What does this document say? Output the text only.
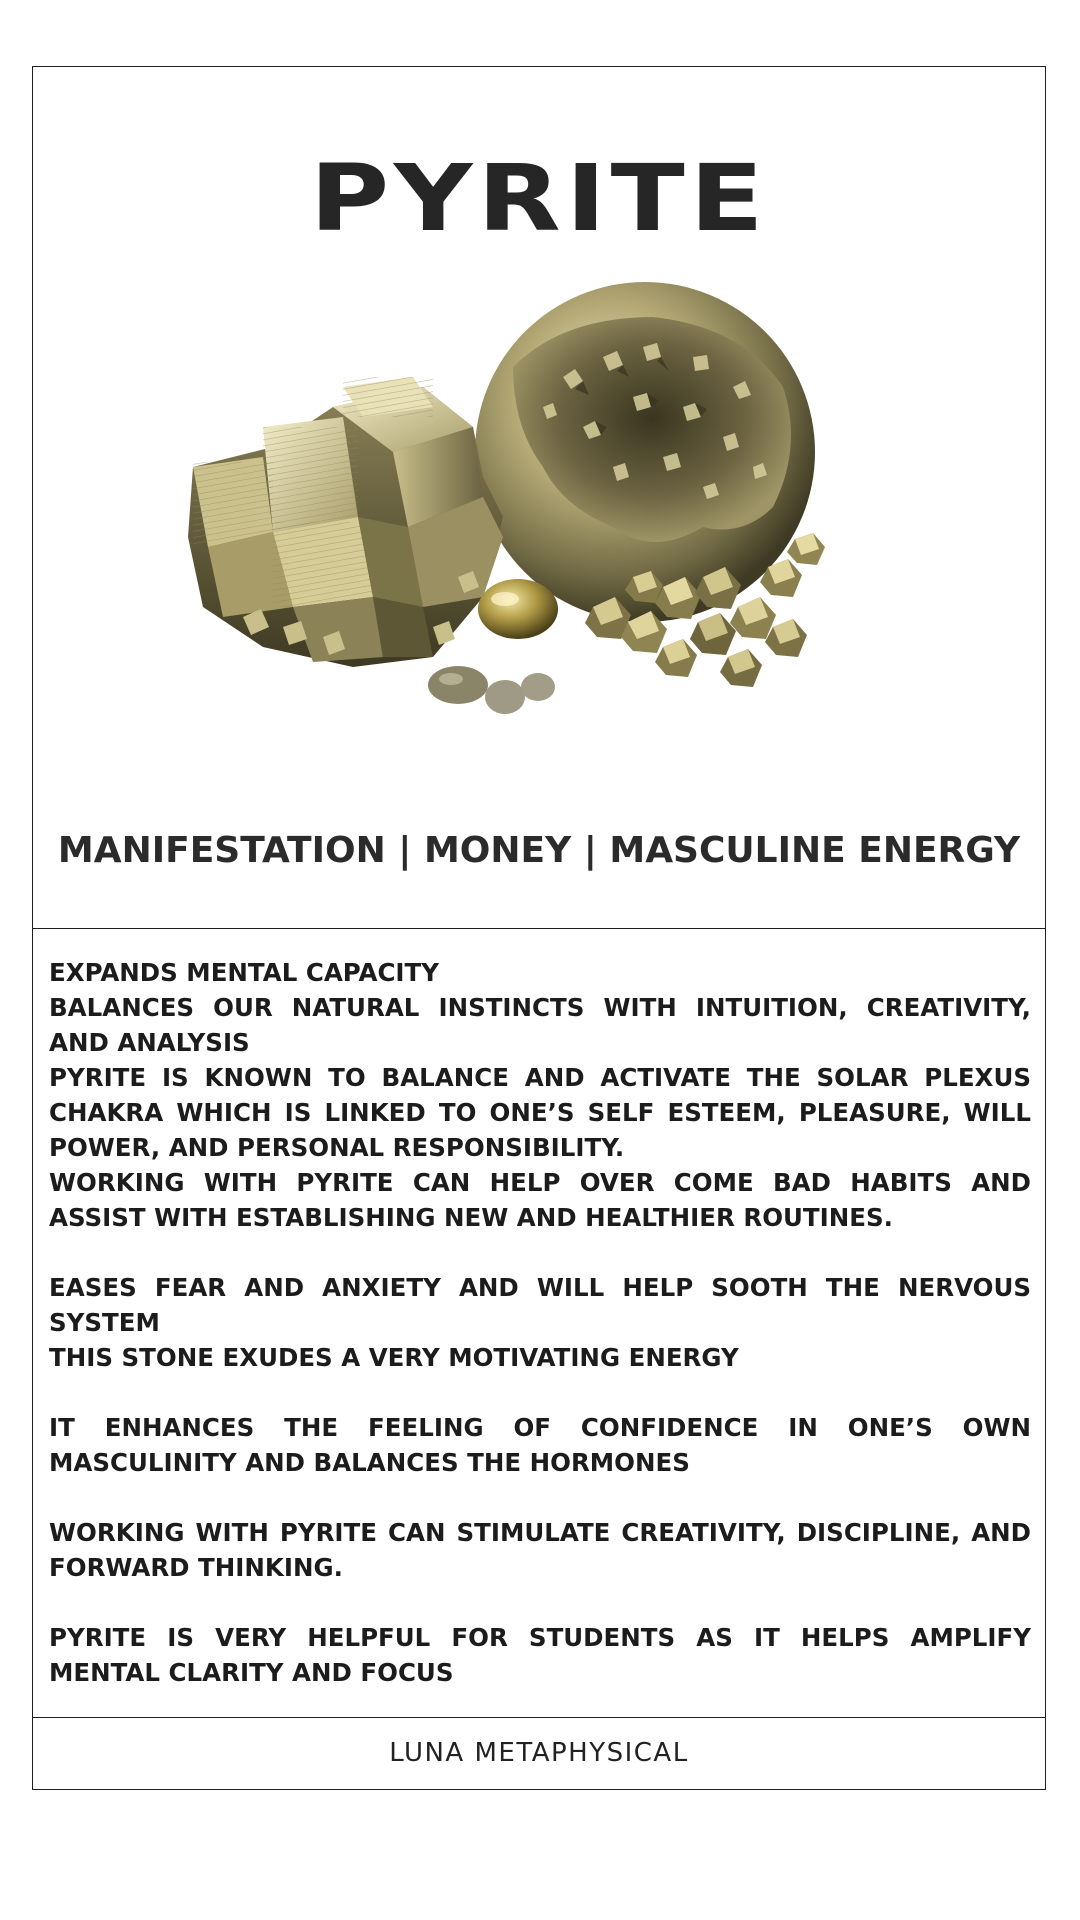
PYRITE
MANIFESTATION | MONEY | MASCULINE ENERGY

EXPANDS MENTAL CAPACITY

BALANCES OUR NATURAL INSTINCTS WITH INTUITION, CREATIVITY, AND ANALYSIS

PYRITE IS KNOWN TO BALANCE AND ACTIVATE THE SOLAR PLEXUS CHAKRA WHICH IS LINKED TO ONE’S SELF ESTEEM, PLEASURE, WILL POWER, AND PERSONAL RESPONSIBILITY.

WORKING WITH PYRITE CAN HELP OVER COME BAD HABITS AND ASSIST WITH ESTABLISHING NEW AND HEALTHIER ROUTINES.

EASES FEAR AND ANXIETY AND WILL HELP SOOTH THE NERVOUS SYSTEM

THIS STONE EXUDES A VERY MOTIVATING ENERGY

IT ENHANCES THE FEELING OF CONFIDENCE IN ONE’S OWN MASCULINITY AND BALANCES THE HORMONES

WORKING WITH PYRITE CAN STIMULATE CREATIVITY, DISCIPLINE, AND FORWARD THINKING.

PYRITE IS VERY HELPFUL FOR STUDENTS AS IT HELPS AMPLIFY MENTAL CLARITY AND FOCUS

LUNA METAPHYSICAL
